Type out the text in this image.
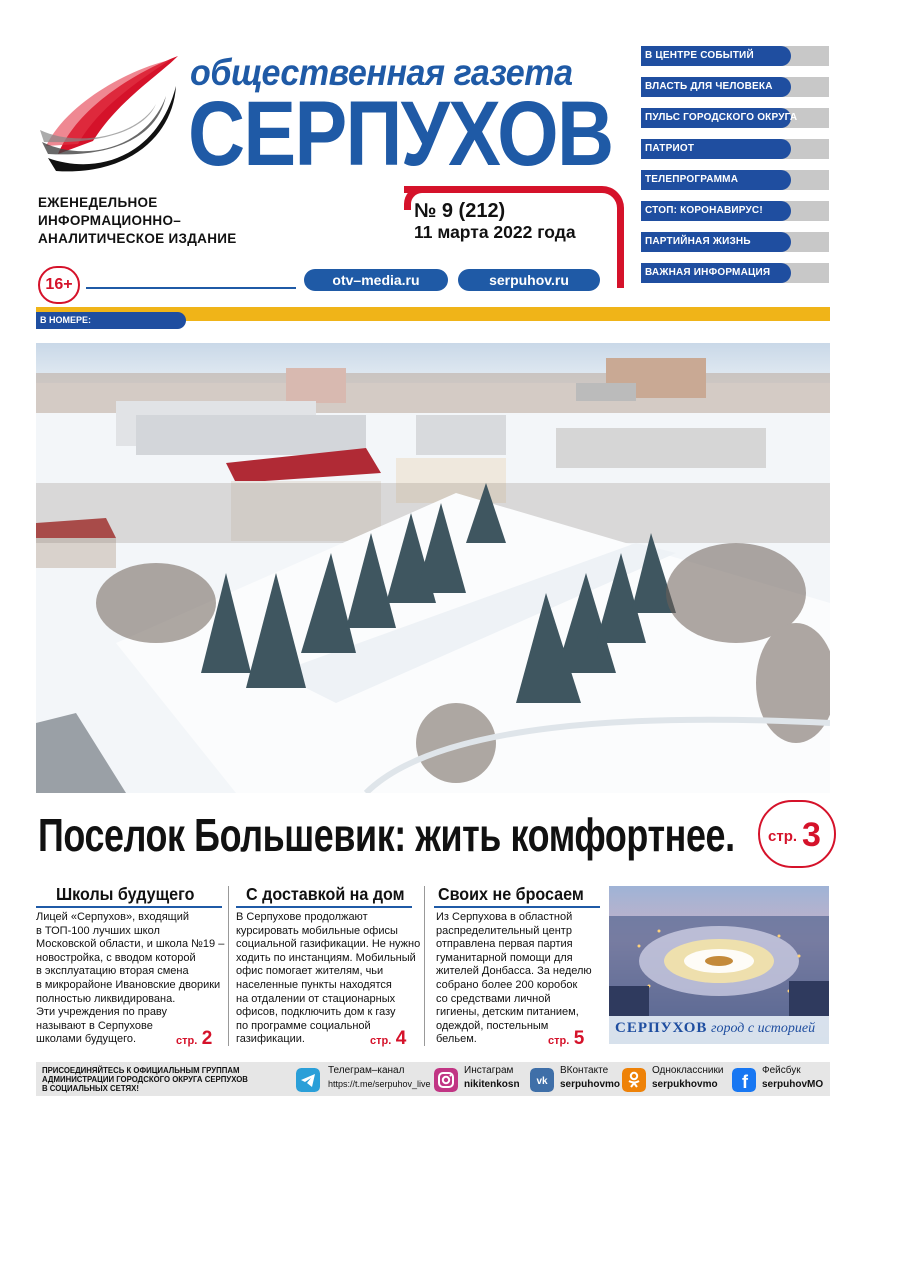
общественная газета
СЕРПУХОВ
ЕЖЕНЕДЕЛЬНОЕ
ИНФОРМАЦИОННО–
АНАЛИТИЧЕСКОЕ ИЗДАНИЕ
№ 9 (212)
11 марта 2022 года
16+	otv–media.ru	serpuhov.ru
В ЦЕНТРЕ СОБЫТИЙ
ВЛАСТЬ ДЛЯ ЧЕЛОВЕКА
ПУЛЬС ГОРОДСКОГО ОКРУГА
ПАТРИОТ
ТЕЛЕПРОГРАММА
СТОП: КОРОНАВИРУС!
ПАРТИЙНАЯ ЖИЗНЬ
ВАЖНАЯ ИНФОРМАЦИЯ
В НОМЕРЕ:
Поселок Большевик: жить комфортнее. стр. 3
Школы будущего
Лицей «Серпухов», входящий
в ТОП-100 лучших школ
Московской области, и школа №19 –
новостройка, с вводом которой
в эксплуатацию вторая смена
в микрорайоне Ивановские дворики
полностью ликвидирована.
Эти учреждения по праву
называют в Серпухове
школами будущего.	стр. 2
С доставкой на дом
В Серпухове продолжают
курсировать мобильные офисы
социальной газификации. Не нужно
ходить по инстанциям. Мобильный
офис помогает жителям, чьи
населенные пункты находятся
на отдалении от стационарных
офисов, подключить дом к газу
по программе социальной
газификации.	стр. 4
Своих не бросаем
Из Серпухова в областной
распределительный центр
отправлена первая партия
гуманитарной помощи для
жителей Донбасса. За неделю
собрано более 200 коробок
со средствами личной
гигиены, детским питанием,
одеждой, постельным
бельем.	стр. 5 СЕРПУХОВ город с историей
ПРИСОЕДИНЯЙТЕСЬ К ОФИЦИАЛЬНЫМ ГРУППАМ
АДМИНИСТРАЦИИ ГОРОДСКОГО ОКРУГА СЕРПУХОВ
В СОЦИАЛЬНЫХ СЕТЯХ!
Телеграм–канал
https://t.me/serpuhov_live
Инстаграм
nikitenkosn vk
ВКонтакте
serpuhovmo
Одноклассники
serpukhovmo f
Фейсбук
serpuhovMO
